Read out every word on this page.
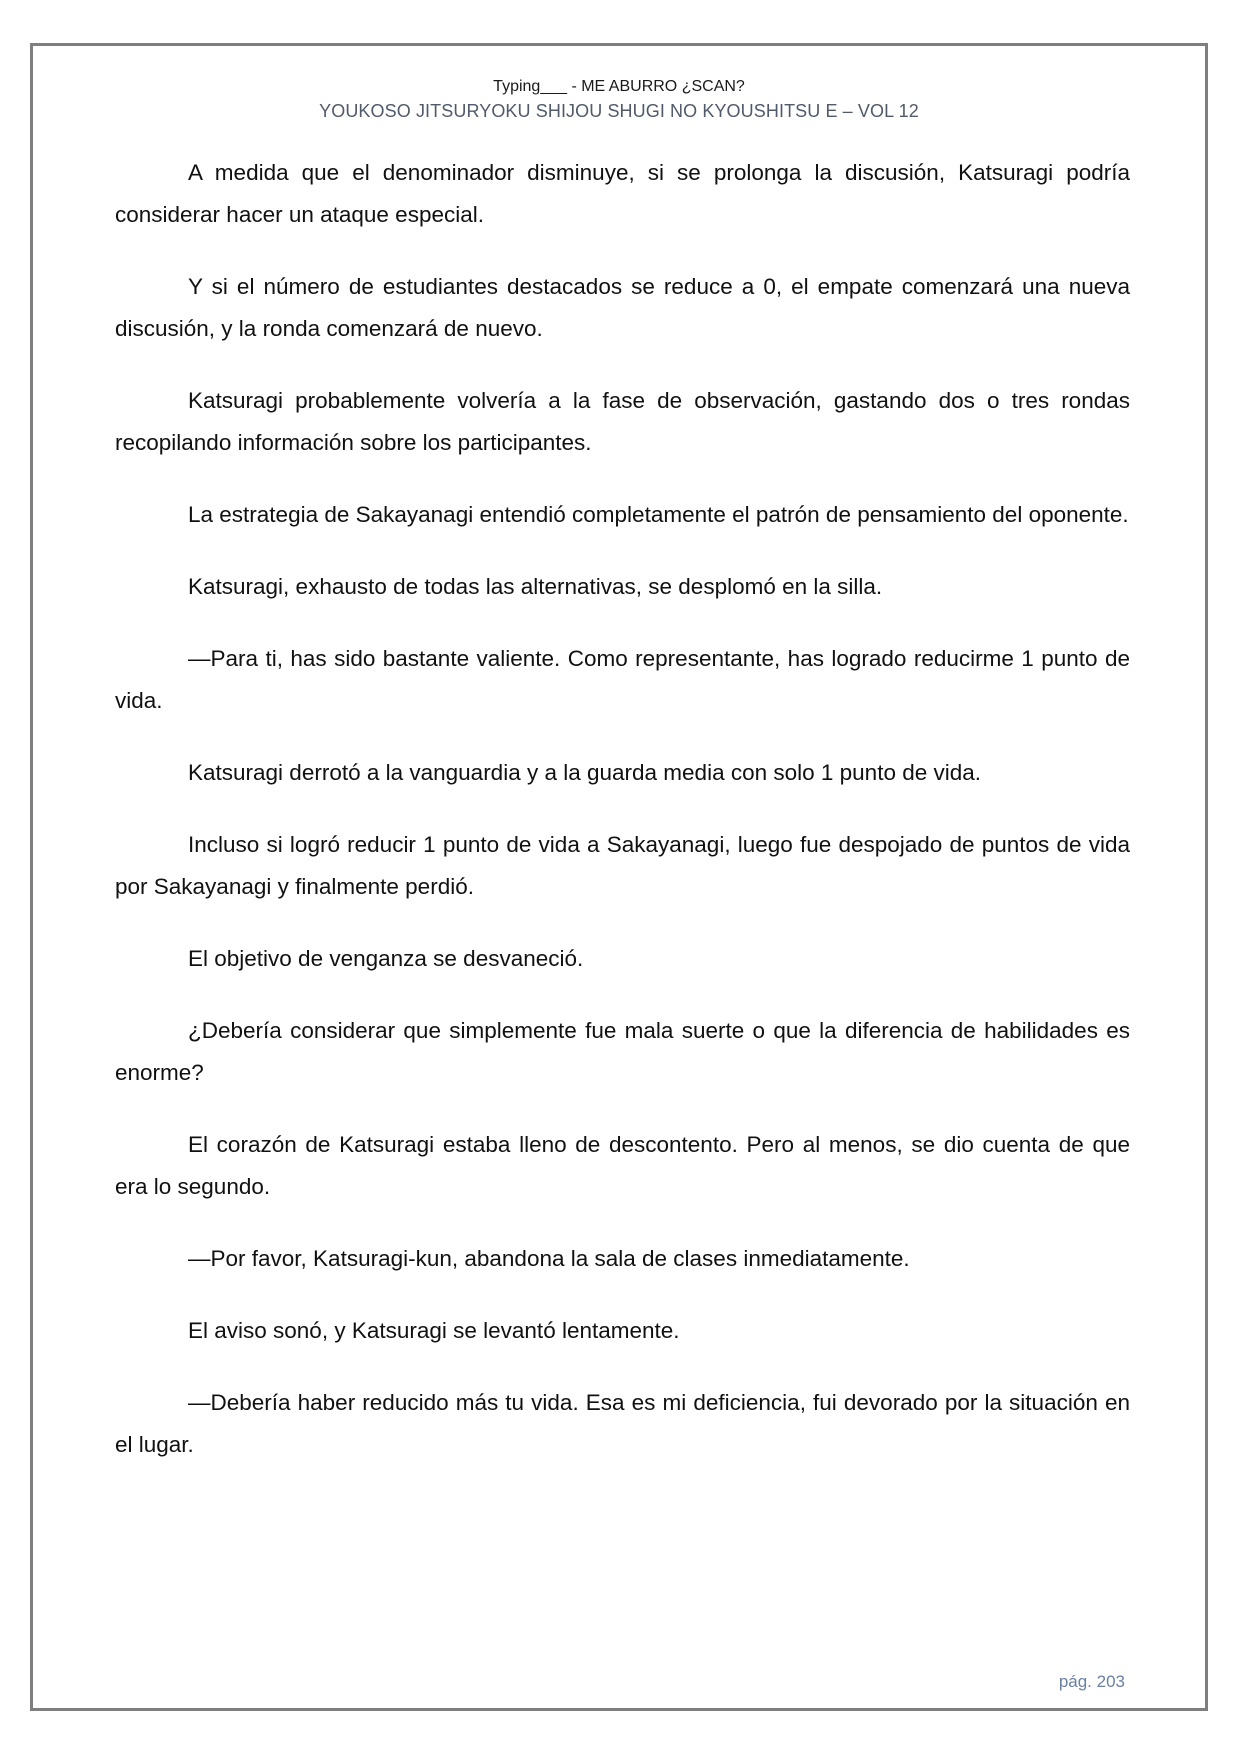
Typing___ - ME ABURRO ¿SCAN?
YOUKOSO JITSURYOKU SHIJOU SHUGI NO KYOUSHITSU E – VOL 12

A medida que el denominador disminuye, si se prolonga la discusión, Katsuragi podría considerar hacer un ataque especial.

Y si el número de estudiantes destacados se reduce a 0, el empate comenzará una nueva discusión, y la ronda comenzará de nuevo.

Katsuragi probablemente volvería a la fase de observación, gastando dos o tres rondas recopilando información sobre los participantes.

La estrategia de Sakayanagi entendió completamente el patrón de pensamiento del oponente.

Katsuragi, exhausto de todas las alternativas, se desplomó en la silla.

—Para ti, has sido bastante valiente. Como representante, has logrado reducirme 1 punto de vida.

Katsuragi derrotó a la vanguardia y a la guarda media con solo 1 punto de vida.

Incluso si logró reducir 1 punto de vida a Sakayanagi, luego fue despojado de puntos de vida por Sakayanagi y finalmente perdió.

El objetivo de venganza se desvaneció.

¿Debería considerar que simplemente fue mala suerte o que la diferencia de habilidades es enorme?

El corazón de Katsuragi estaba lleno de descontento. Pero al menos, se dio cuenta de que era lo segundo.

—Por favor, Katsuragi-kun, abandona la sala de clases inmediatamente.

El aviso sonó, y Katsuragi se levantó lentamente.

—Debería haber reducido más tu vida. Esa es mi deficiencia, fui devorado por la situación en el lugar.

pág. 203
